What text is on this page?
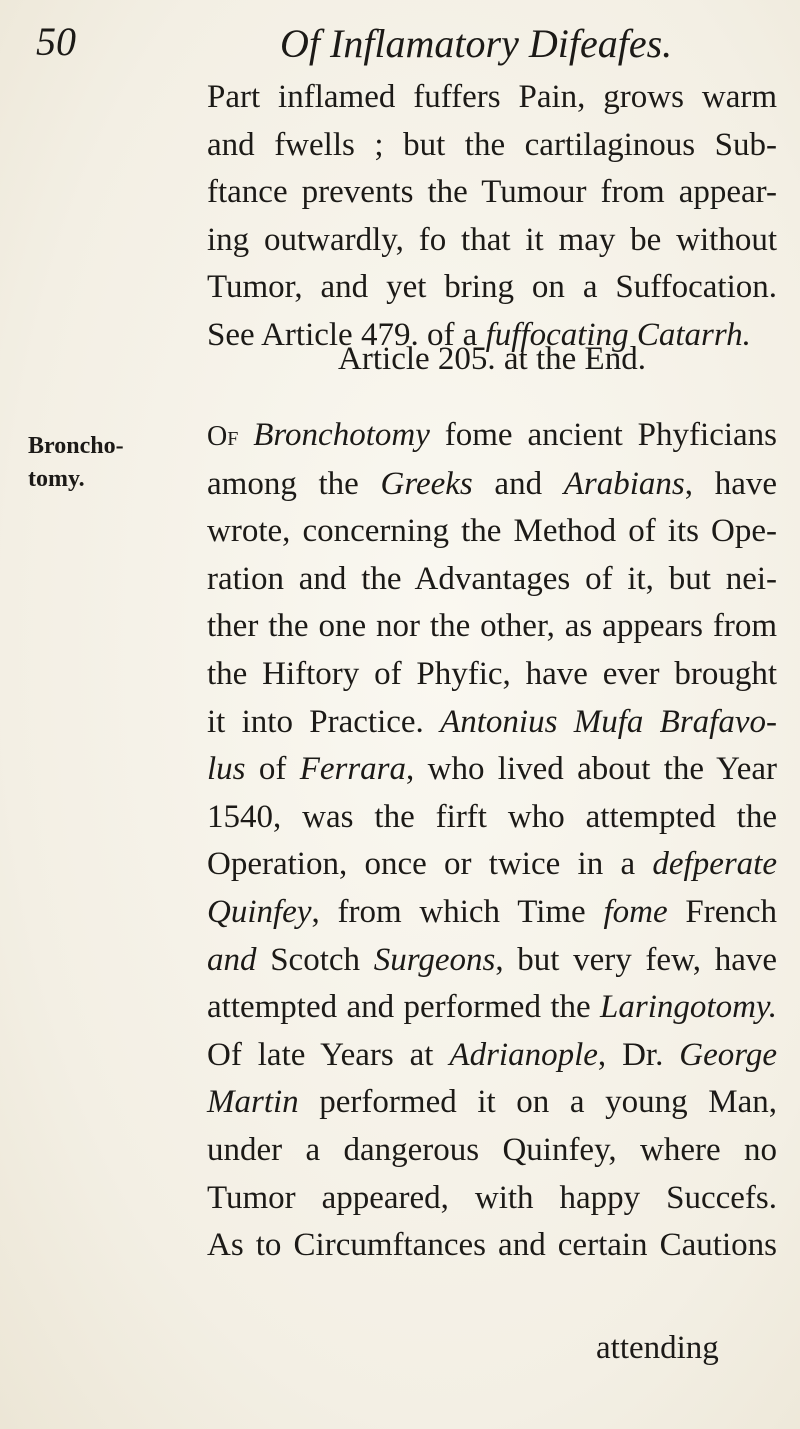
50	Of Inflamatory Difeafes.
Broncho-
tomy.
Part inflamed fuffers Pain, grows warm
and fwells ; but the cartilaginous Sub-
ftance prevents the Tumour from appear-
ing outwardly, fo that it may be without
Tumor, and yet bring on a Suffocation.
See Article 479. of a fuffocating Catarrh.
Article 205. at the End.
Of Bronchotomy fome ancient Phyficians
among the Greeks and Arabians, have
wrote, concerning the Method of its Ope-
ration and the Advantages of it, but nei-
ther the one nor the other, as appears from
the Hiftory of Phyfic, have ever brought
it into Practice. Antonius Mufa Brafavo-
lus of Ferrara, who lived about the Year
1540, was the firft who attempted the
Operation, once or twice in a defperate
Quinfey, from which Time fome French
and Scotch Surgeons, but very few, have
attempted and performed the Laringotomy.
Of late Years at Adrianople, Dr. George
Martin performed it on a young Man,
under a dangerous Quinfey, where no
Tumor appeared, with happy Succefs.
As to Circumftances and certain Cautions
attending
